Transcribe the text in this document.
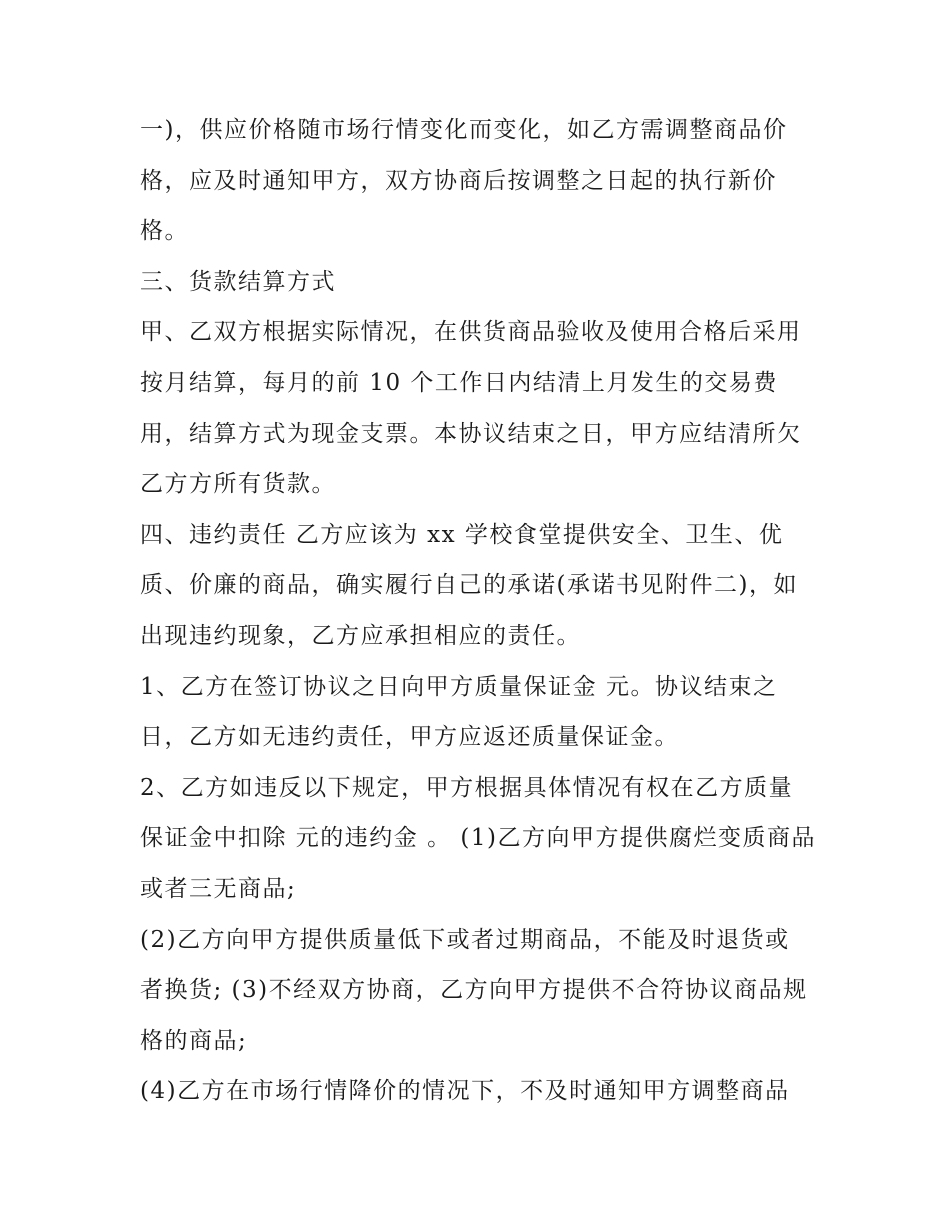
一)，供应价格随市场行情变化而变化，如乙方需调整商品价
格，应及时通知甲方，双方协商后按调整之日起的执行新价
格。
三、货款结算方式
甲、乙双方根据实际情况，在供货商品验收及使用合格后采用
按月结算，每月的前 10 个工作日内结清上月发生的交易费
用，结算方式为现金支票。本协议结束之日，甲方应结清所欠
乙方方所有货款。
四、违约责任 乙方应该为 xx 学校食堂提供安全、卫生、优
质、价廉的商品，确实履行自己的承诺(承诺书见附件二)，如
出现违约现象，乙方应承担相应的责任。
1、乙方在签订协议之日向甲方质量保证金 元。协议结束之
日，乙方如无违约责任，甲方应返还质量保证金。
2、乙方如违反以下规定，甲方根据具体情况有权在乙方质量
保证金中扣除 元的违约金 。 (1)乙方向甲方提供腐烂变质商品
或者三无商品;
(2)乙方向甲方提供质量低下或者过期商品，不能及时退货或
者换货; (3)不经双方协商，乙方向甲方提供不合符协议商品规
格的商品;
(4)乙方在市场行情降价的情况下，不及时通知甲方调整商品
